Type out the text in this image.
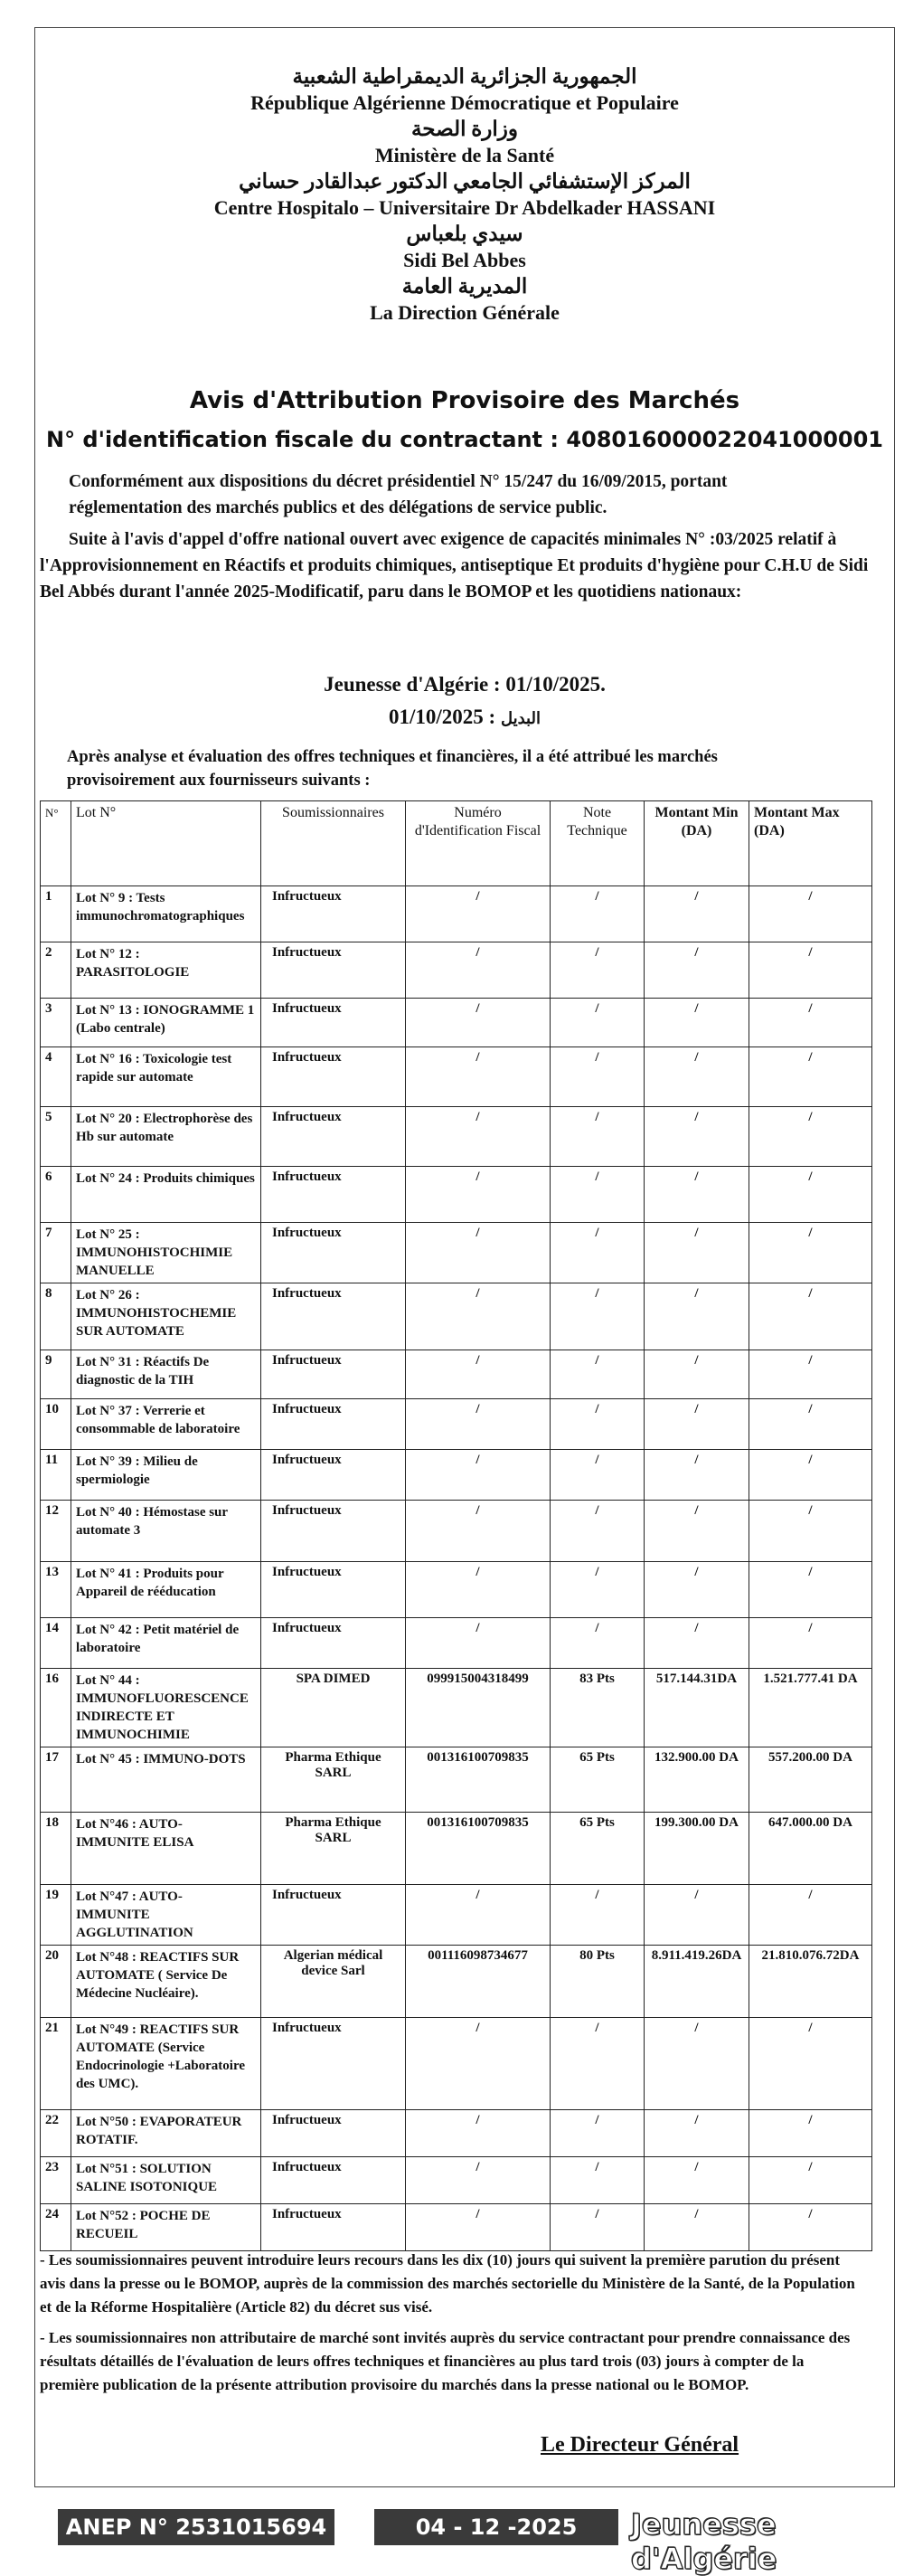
الجمهورية الجزائرية الديمقراطية الشعبية
République Algérienne Démocratique et Populaire
وزارة الصحة
Ministère de la Santé
المركز الإستشفائي الجامعي الدكتور عبدالقادر حساني
Centre Hospitalo – Universitaire Dr Abdelkader HASSANI
سيدي بلعباس
Sidi Bel Abbes
المديرية العامة
La Direction Générale
Avis d'Attribution Provisoire des Marchés
N° d'identification fiscale du contractant : 408016000022041000001
Conformément aux dispositions du décret présidentiel N° 15/247 du 16/09/2015, portant réglementation des marchés publics et des délégations de service public.
Suite à l'avis d'appel d'offre national ouvert avec exigence de capacités minimales N° :03/2025 relatif à l'Approvisionnement en Réactifs et produits chimiques, antiseptique Et produits d'hygiène pour C.H.U de Sidi Bel Abbés durant l'année 2025-Modificatif, paru dans le BOMOP et les quotidiens nationaux:
Jeunesse d'Algérie : 01/10/2025.
البديل : 01/10/2025
Après analyse et évaluation des offres techniques et financières, il a été attribué les marchés provisoirement aux fournisseurs suivants :
N°	Lot N°	Soumissionnaires	Numéro d'Identification Fiscal	Note Technique	Montant Min (DA)	Montant Max (DA)
1	Lot N° 9 : Tests immunochromatographiques	Infructueux	/	/	/	/
2	Lot N° 12 : PARASITOLOGIE	Infructueux	/	/	/	/
3	Lot N° 13 : IONOGRAMME 1 (Labo centrale)	Infructueux	/	/	/	/
4	Lot N° 16 : Toxicologie test rapide sur automate	Infructueux	/	/	/	/
5	Lot N° 20 : Electrophorèse des Hb sur automate	Infructueux	/	/	/	/
6	Lot N° 24 : Produits chimiques	Infructueux	/	/	/	/
7	Lot N° 25 : IMMUNOHISTOCHIMIE MANUELLE	Infructueux	/	/	/	/
8	Lot N° 26 : IMMUNOHISTOCHEMIE SUR AUTOMATE	Infructueux	/	/	/	/
9	Lot N° 31 : Réactifs De diagnostic de la TIH	Infructueux	/	/	/	/
10	Lot N° 37 : Verrerie et consommable de laboratoire	Infructueux	/	/	/	/
11	Lot N° 39 : Milieu de spermiologie	Infructueux	/	/	/	/
12	Lot N° 40 : Hémostase sur automate 3	Infructueux	/	/	/	/
13	Lot N° 41 : Produits pour Appareil de rééducation	Infructueux	/	/	/	/
14	Lot N° 42 : Petit matériel de laboratoire	Infructueux	/	/	/	/
16	Lot N° 44 : IMMUNOFLUORESCENCE INDIRECTE ET IMMUNOCHIMIE	SPA DIMED	099915004318499	83 Pts	517.144.31DA	1.521.777.41 DA
17	Lot N° 45 : IMMUNO-DOTS	Pharma Ethique SARL	001316100709835	65 Pts	132.900.00 DA	557.200.00 DA
18	Lot N°46 : AUTO-IMMUNITE ELISA	Pharma Ethique SARL	001316100709835	65 Pts	199.300.00 DA	647.000.00 DA
19	Lot N°47 : AUTO-IMMUNITE AGGLUTINATION	Infructueux	/	/	/	/
20	Lot N°48 : REACTIFS SUR AUTOMATE ( Service De Médecine Nucléaire).	Algerian médical device Sarl	001116098734677	80 Pts	8.911.419.26DA	21.810.076.72DA
21	Lot N°49 : REACTIFS SUR AUTOMATE (Service Endocrinologie +Laboratoire des UMC).	Infructueux	/	/	/	/
22	Lot N°50 : EVAPORATEUR ROTATIF.	Infructueux	/	/	/	/
23	Lot N°51 : SOLUTION SALINE ISOTONIQUE	Infructueux	/	/	/	/
24	Lot N°52 : POCHE DE RECUEIL	Infructueux	/	/	/	/
- Les soumissionnaires peuvent introduire leurs recours dans les dix (10) jours qui suivent la première parution du présent avis dans la presse ou le BOMOP, auprès de la commission des marchés sectorielle du Ministère de la Santé, de la Population et de la Réforme Hospitalière (Article 82) du décret sus visé.
- Les soumissionnaires non attributaire de marché sont invités auprès du service contractant pour prendre connaissance des résultats détaillés de l'évaluation de leurs offres techniques et financières au plus tard trois (03) jours à compter de la première publication de la présente attribution provisoire du marchés dans la presse national ou le BOMOP.
Le Directeur Général
ANEP N° 2531015694	04 - 12 -2025	Jeunesse d'Algérie
